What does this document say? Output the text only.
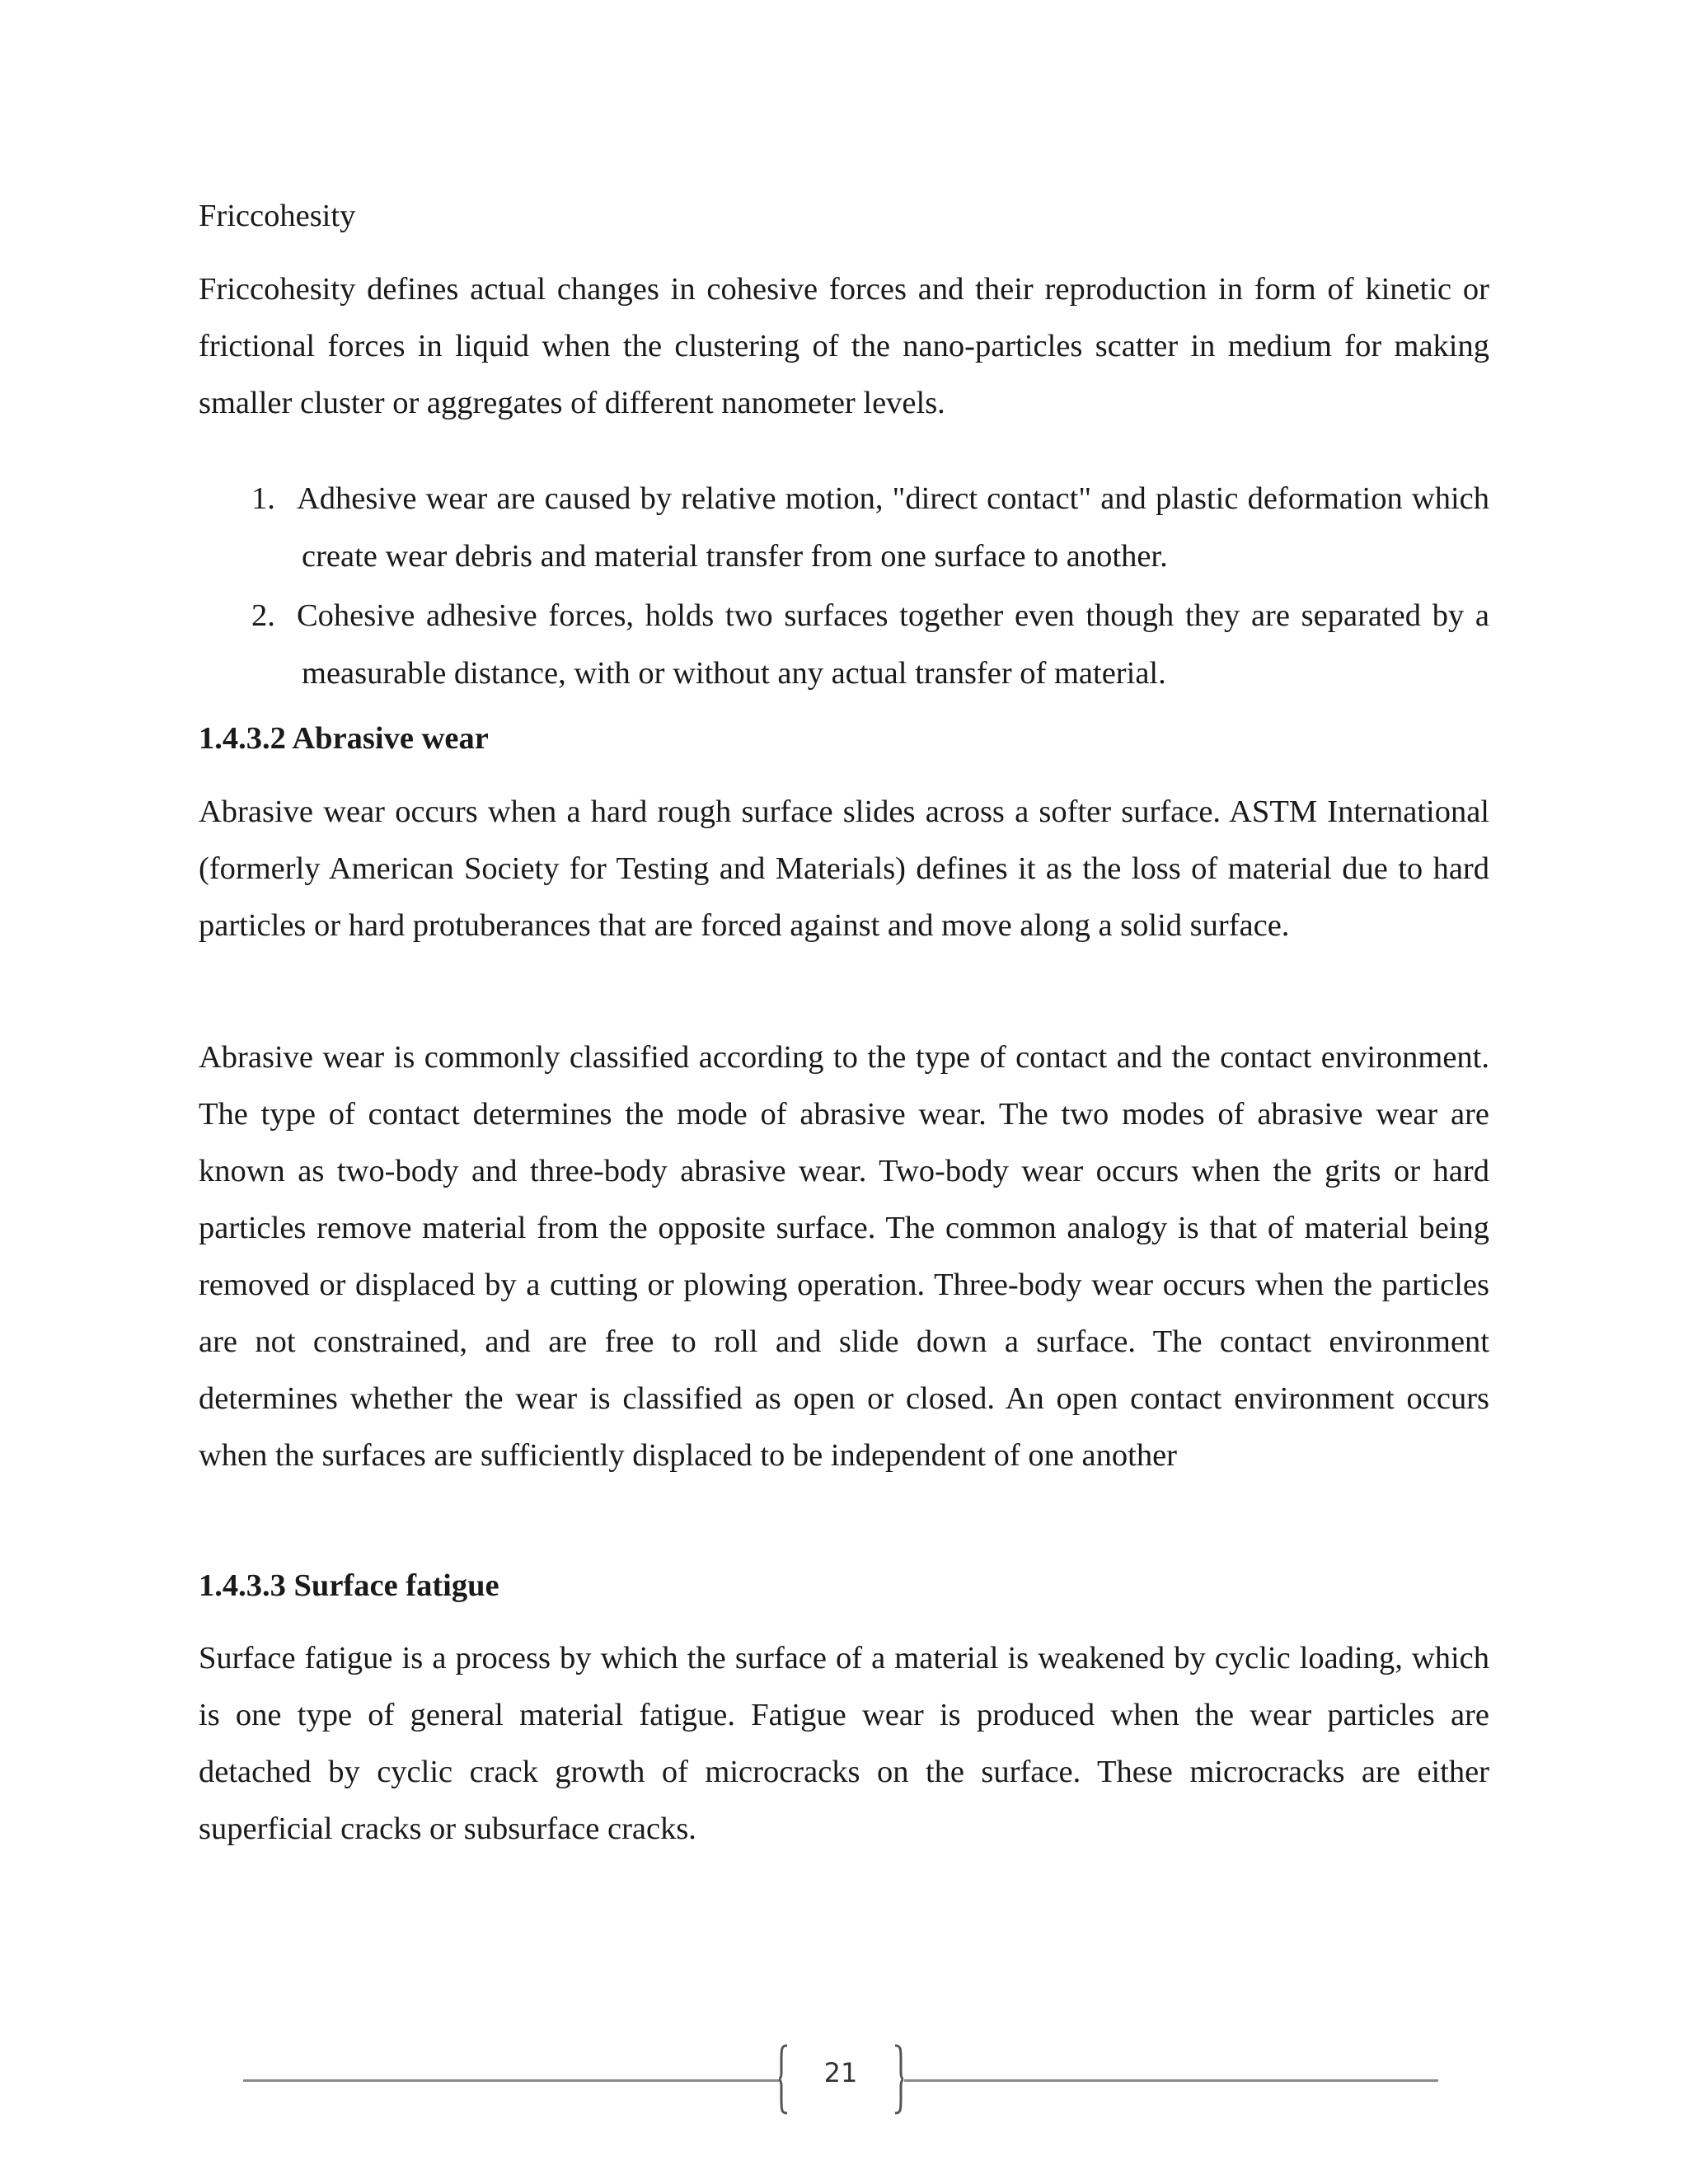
Friccohesity

Friccohesity defines actual changes in cohesive forces and their reproduction in form of kinetic or frictional forces in liquid when the clustering of the nano-particles scatter in medium for making smaller cluster or aggregates of different nanometer levels.

1. Adhesive wear are caused by relative motion, "direct contact" and plastic deformation which create wear debris and material transfer from one surface to another.
2. Cohesive adhesive forces, holds two surfaces together even though they are separated by a measurable distance, with or without any actual transfer of material.
1.4.3.2 Abrasive wear

Abrasive wear occurs when a hard rough surface slides across a softer surface. ASTM International (formerly American Society for Testing and Materials) defines it as the loss of material due to hard particles or hard protuberances that are forced against and move along a solid surface.

Abrasive wear is commonly classified according to the type of contact and the contact environment. The type of contact determines the mode of abrasive wear. The two modes of abrasive wear are known as two-body and three-body abrasive wear. Two-body wear occurs when the grits or hard particles remove material from the opposite surface. The common analogy is that of material being removed or displaced by a cutting or plowing operation. Three-body wear occurs when the particles are not constrained, and are free to roll and slide down a surface. The contact environment determines whether the wear is classified as open or closed. An open contact environment occurs when the surfaces are sufficiently displaced to be independent of one another

1.4.3.3 Surface fatigue

Surface fatigue is a process by which the surface of a material is weakened by cyclic loading, which is one type of general material fatigue. Fatigue wear is produced when the wear particles are detached by cyclic crack growth of microcracks on the surface. These microcracks are either superficial cracks or subsurface cracks.

21
